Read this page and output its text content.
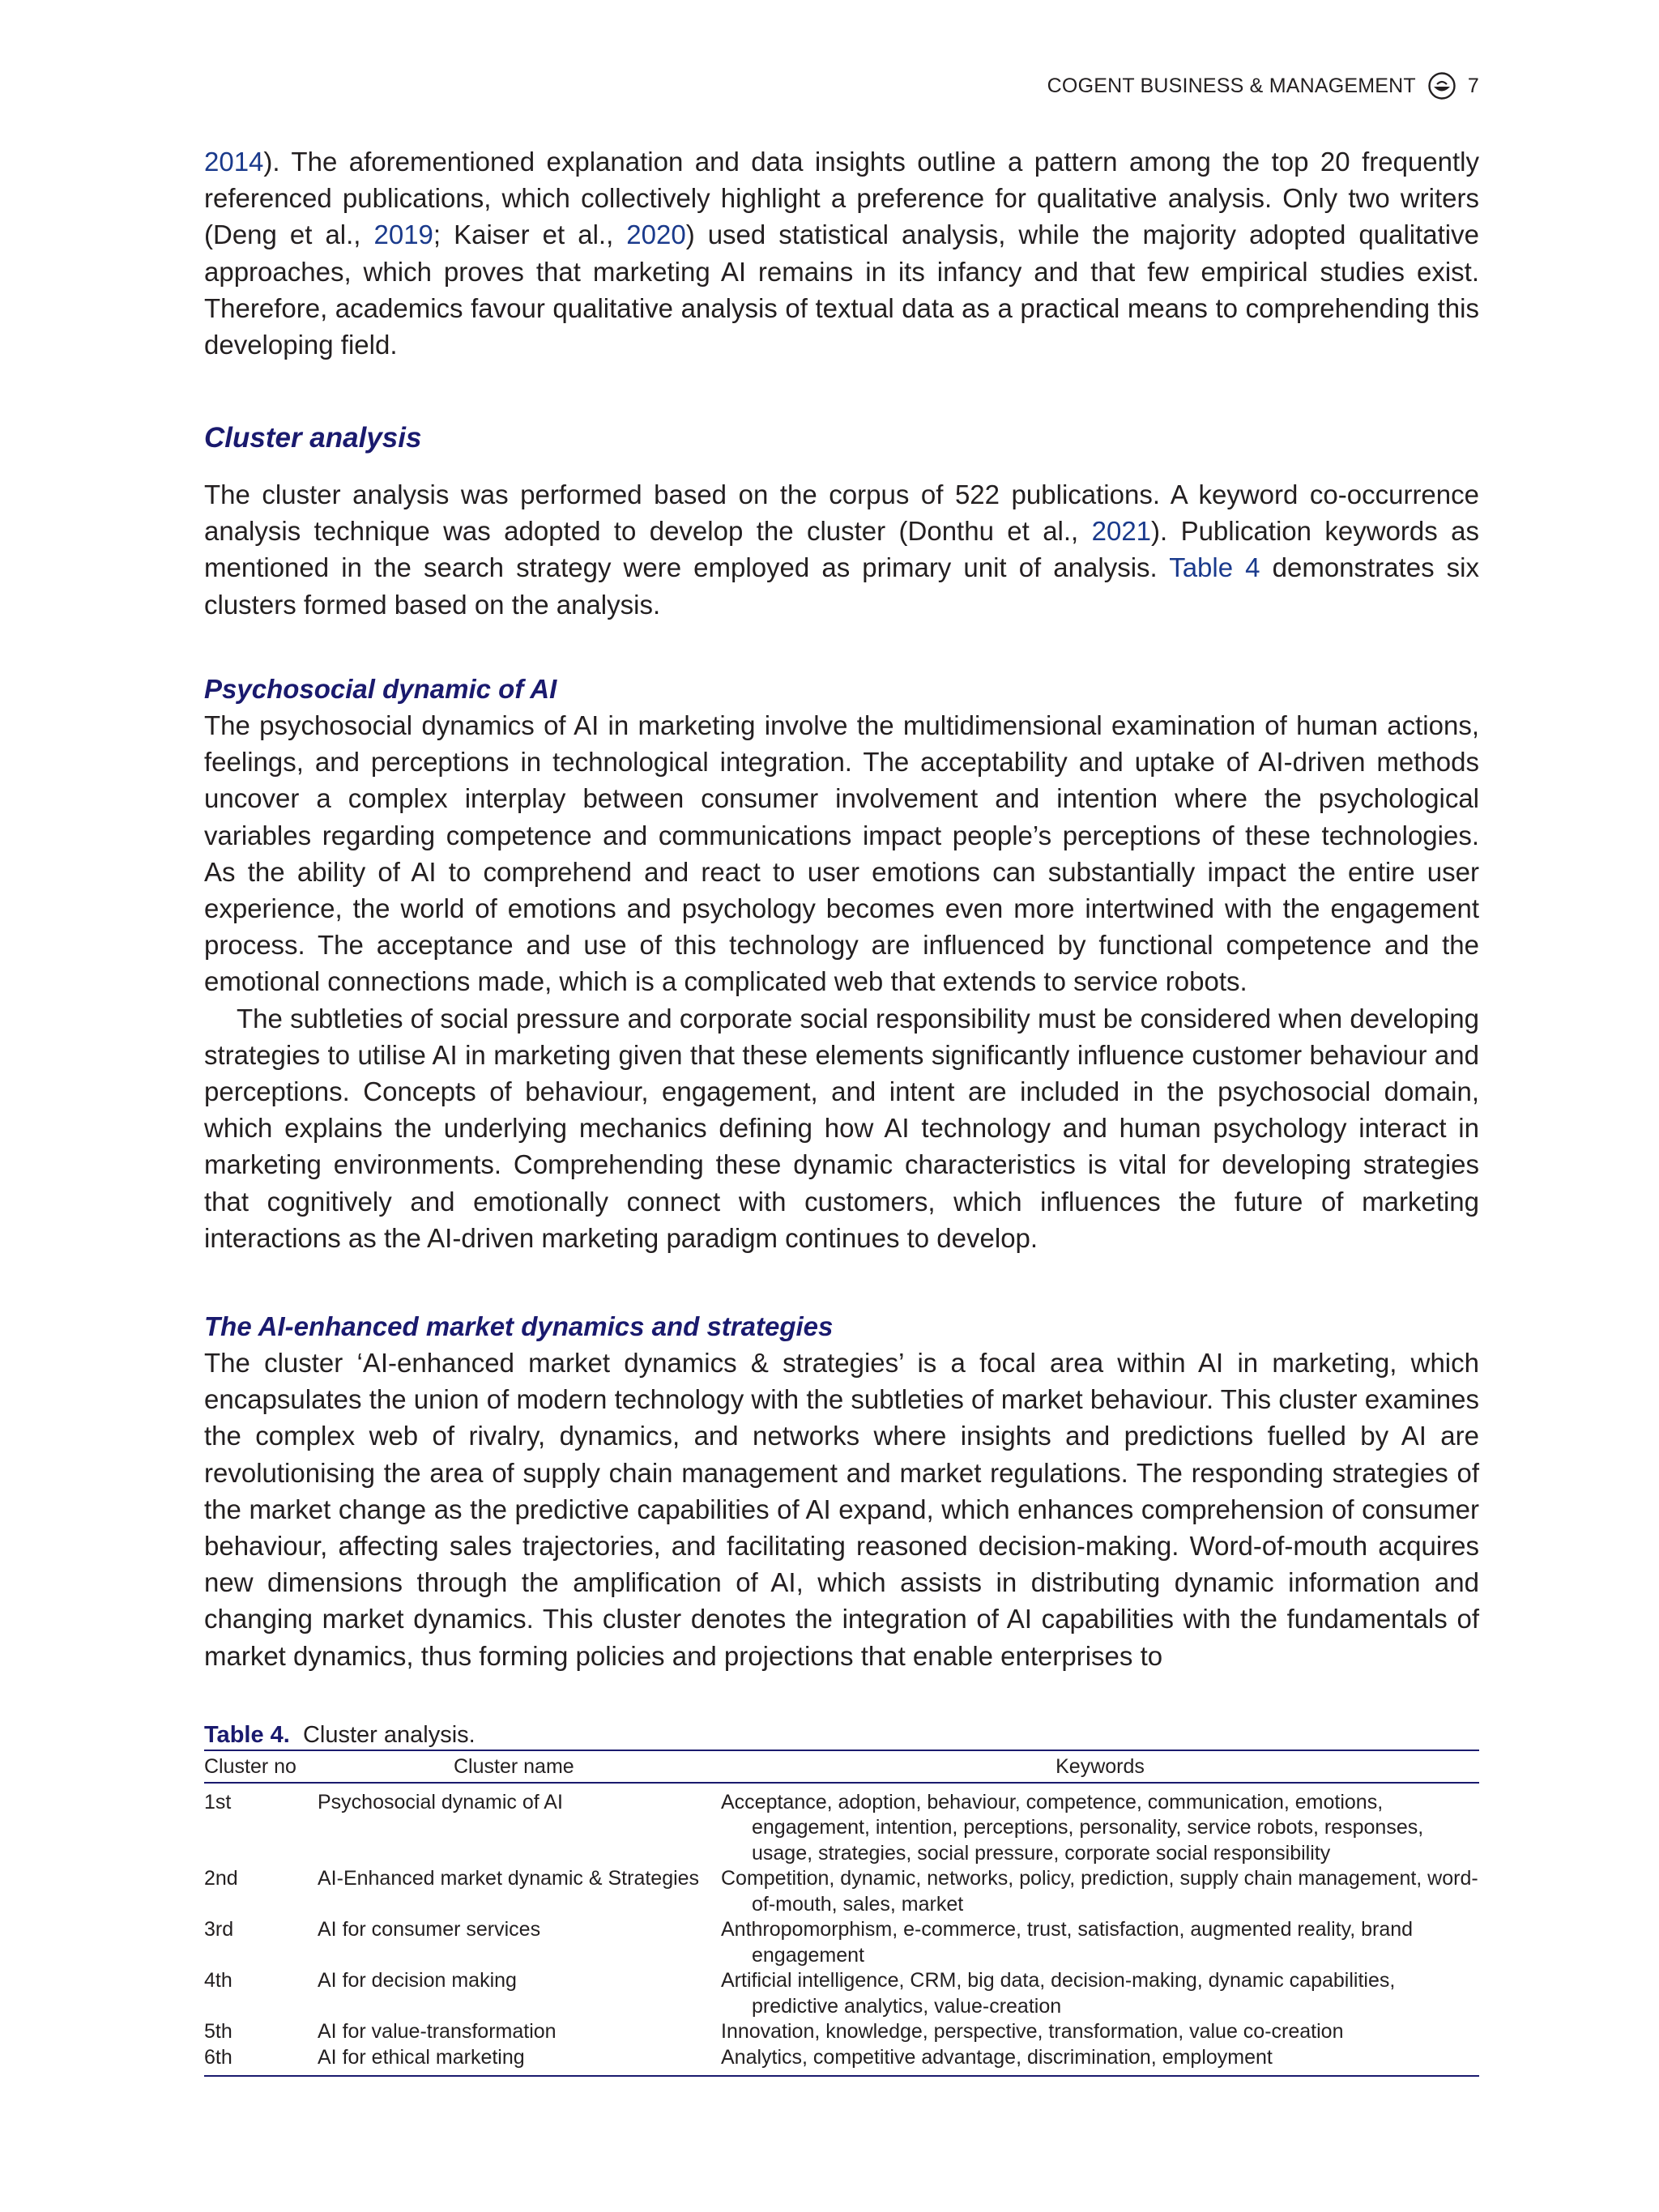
COGENT BUSINESS & MANAGEMENT	7

2014). The aforementioned explanation and data insights outline a pattern among the top 20 frequently referenced publications, which collectively highlight a preference for qualitative analysis. Only two writers (Deng et al., 2019; Kaiser et al., 2020) used statistical analysis, while the majority adopted qualitative approaches, which proves that marketing AI remains in its infancy and that few empirical studies exist. Therefore, academics favour qualitative analysis of textual data as a practical means to comprehending this developing field.

Cluster analysis

The cluster analysis was performed based on the corpus of 522 publications. A keyword co-occurrence analysis technique was adopted to develop the cluster (Donthu et al., 2021). Publication keywords as mentioned in the search strategy were employed as primary unit of analysis. Table 4 demonstrates six clusters formed based on the analysis.

Psychosocial dynamic of AI

The psychosocial dynamics of AI in marketing involve the multidimensional examination of human actions, feelings, and perceptions in technological integration. The acceptability and uptake of AI-driven methods uncover a complex interplay between consumer involvement and intention where the psychological variables regarding competence and communications impact people’s perceptions of these technologies. As the ability of AI to comprehend and react to user emotions can substantially impact the entire user experience, the world of emotions and psychology becomes even more intertwined with the engagement process. The acceptance and use of this technology are influenced by functional competence and the emotional connections made, which is a complicated web that extends to service robots.

The subtleties of social pressure and corporate social responsibility must be considered when developing strategies to utilise AI in marketing given that these elements significantly influence customer behaviour and perceptions. Concepts of behaviour, engagement, and intent are included in the psychosocial domain, which explains the underlying mechanics defining how AI technology and human psychology interact in marketing environments. Comprehending these dynamic characteristics is vital for developing strategies that cognitively and emotionally connect with customers, which influences the future of marketing interactions as the AI-driven marketing paradigm continues to develop.

The AI-enhanced market dynamics and strategies

The cluster ‘AI-enhanced market dynamics & strategies’ is a focal area within AI in marketing, which encapsulates the union of modern technology with the subtleties of market behaviour. This cluster examines the complex web of rivalry, dynamics, and networks where insights and predictions fuelled by AI are revolutionising the area of supply chain management and market regulations. The responding strategies of the market change as the predictive capabilities of AI expand, which enhances comprehension of consumer behaviour, affecting sales trajectories, and facilitating reasoned decision-making. Word-of-mouth acquires new dimensions through the amplification of AI, which assists in distributing dynamic information and changing market dynamics. This cluster denotes the integration of AI capabilities with the fundamentals of market dynamics, thus forming policies and projections that enable enterprises to

Table 4. Cluster analysis.
Cluster no Cluster name		Keywords
1st	Psychosocial dynamic of AI	Acceptance, adoption, behaviour, competence, communication, emotions, engagement, intention, perceptions, personality, service robots, responses, usage, strategies, social pressure, corporate social responsibility
2nd	AI-Enhanced market dynamic & Strategies	Competition, dynamic, networks, policy, prediction, supply chain management, word-of-mouth, sales, market
3rd	AI for consumer services	Anthropomorphism, e-commerce, trust, satisfaction, augmented reality, brand engagement
4th	AI for decision making	Artificial intelligence, CRM, big data, decision-making, dynamic capabilities, predictive analytics, value-creation
5th	AI for value-transformation	Innovation, knowledge, perspective, transformation, value co-creation
6th	AI for ethical marketing	Analytics, competitive advantage, discrimination, employment
